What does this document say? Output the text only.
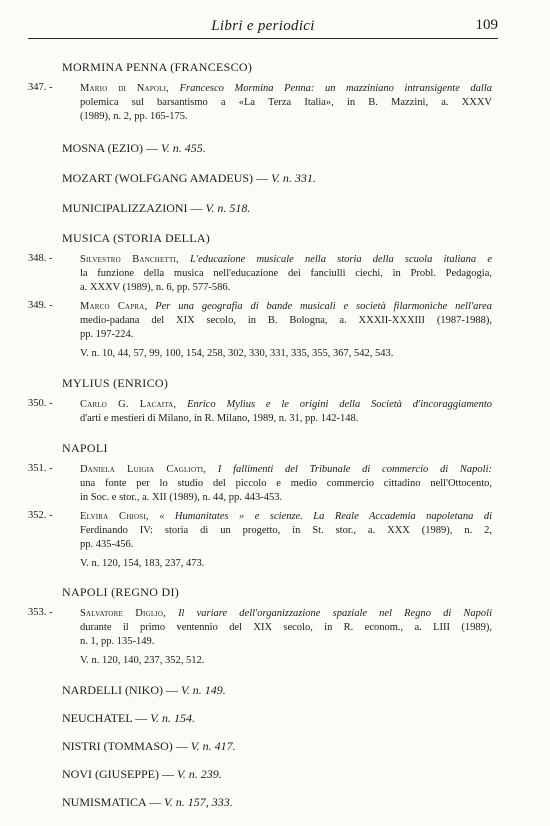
Libri e periodici	109
MORMINA PENNA (FRANCESCO)
347. -	Mario di Napoli, Francesco Mormina Penna: un mazziniano intransigente dalla
polemica sul barsantismo a «La Terza Italia», in B. Mazzini, a. XXXV
(1989), n. 2, pp. 165-175.
MOSNA (EZIO) — V. n. 455.
MOZART (WOLFGANG AMADEUS) — V. n. 331.
MUNICIPALIZZAZIONI — V. n. 518.
MUSICA (STORIA DELLA)
348. -	Silvestro Banchetti, L'educazione musicale nella storia della scuola italiana e
la funzione della musica nell'educazione dei fanciulli ciechi, in Probl. Pedagogia,
a. XXXV (1989), n. 6, pp. 577-586.
349. -	Marco Capra, Per una geografia di bande musicali e società filarmoniche nell'area
medio-padana del XIX secolo, in B. Bologna, a. XXXII-XXXIII (1987-1988),
pp. 197-224.
V. n. 10, 44, 57, 99, 100, 154, 258, 302, 330, 331, 335, 355, 367, 542, 543.
MYLIUS (ENRICO)
350. -	Carlo G. Lacaita, Enrico Mylius e le origini della Società d'incoraggiamento
d'arti e mestieri di Milano, in R. Milano, 1989, n. 31, pp. 142-148.
NAPOLI
351. -	Daniela Luigia Caglioti, I fallimenti del Tribunale di commercio di Napoli:
una fonte per lo studio del piccolo e medio commercio cittadino nell'Ottocento,
in Soc. e stor., a. XII (1989), n. 44, pp. 443-453.
352. -	Elvira Chiosi, « Humanitates » e scienze. La Reale Accademia napoletana di
Ferdinando IV: storia di un progetto, in St. stor., a. XXX (1989), n. 2,
pp. 435-456.
V. n. 120, 154, 183, 237, 473.
NAPOLI (REGNO DI)
353. -	Salvatore Diglio, Il variare dell'organizzazione spaziale nel Regno di Napoli
durante il primo ventennio del XIX secolo, in R. econom., a. LIII (1989),
n. 1, pp. 135-149.
V. n. 120, 140, 237, 352, 512.
NARDELLI (NIKO) — V. n. 149.
NEUCHATEL — V. n. 154.
NISTRI (TOMMASO) — V. n. 417.
NOVI (GIUSEPPE) — V. n. 239.
NUMISMATICA — V. n. 157, 333.
